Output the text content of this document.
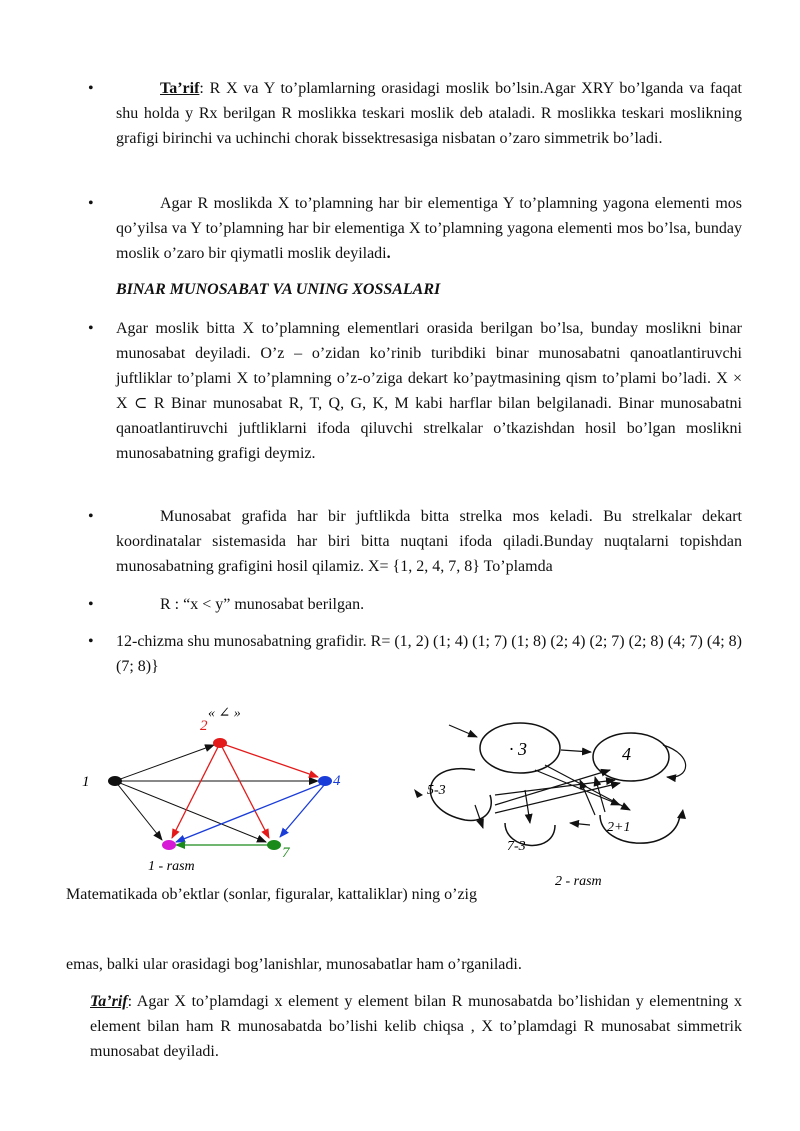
•	Ta’rif: R X va Y to’plamlarning orasidagi moslik bo’lsin.Agar XRY bo’lganda va faqat shu holda y Rx berilgan R moslikka teskari moslik deb ataladi. R moslikka teskari moslikning grafigi birinchi va uchinchi chorak bissektresasiga nisbatan o’zaro simmetrik bo’ladi.

•	Agar R moslikda X to’plamning har bir elementiga Y to’plamning yagona elementi mos qo’yilsa va Y to’plamning har bir elementiga X to’plamning yagona elementi mos bo’lsa, bunday moslik o’zaro bir qiymatli moslik deyiladi.

BINAR MUNOSABAT VA UNING XOSSALARI

• Agar moslik bitta X to’plamning elementlari orasida berilgan bo’lsa, bunday moslikni binar munosabat deyiladi. O’z – o’zidan ko’rinib turibdiki binar munosabatni qanoatlantiruvchi juftliklar to’plami X to’plamning o’z-o’ziga dekart ko’paytmasining qism to’plami bo’ladi. X × X ⊂ R Binar munosabat R, T, Q, G, K, M kabi harflar bilan belgilanadi. Binar munosabatni qanoatlantiruvchi juftliklarni ifoda qiluvchi strelkalar o’tkazishdan hosil bo’lgan moslikni munosabatning grafigi deymiz.

•	Munosabat grafida har bir juftlikda bitta strelka mos keladi. Bu strelkalar dekart koordinatalar sistemasida har biri bitta nuqtani ifoda qiladi.Bunday nuqtalarni topishdan munosabatning grafigini hosil qilamiz. X= {1, 2, 4, 7, 8} To’plamda

•	R : “x < y” munosabat berilgan.

• 12-chizma shu munosabatning grafidir. R= (1, 2) (1; 4) (1; 7) (1; 8) (2; 4) (2; 7) (2; 8) (4; 7) (4; 8) (7; 8)}

« ∠ »
1
2
4
7
1 - rasm
· 3	4
5-3
7-3
2+1
2 - rasm

Matematikada ob’ektlar (sonlar, figuralar, kattaliklar) ning o’zig

emas, balki ular orasidagi bog’lanishlar, munosabatlar ham o’rganiladi.

Ta’rif: Agar X to’plamdagi x element y element bilan R munosabatda bo’lishidan y elementning x element bilan ham R munosabatda bo’lishi kelib chiqsa , X to’plamdagi R munosabat simmetrik munosabat deyiladi.
